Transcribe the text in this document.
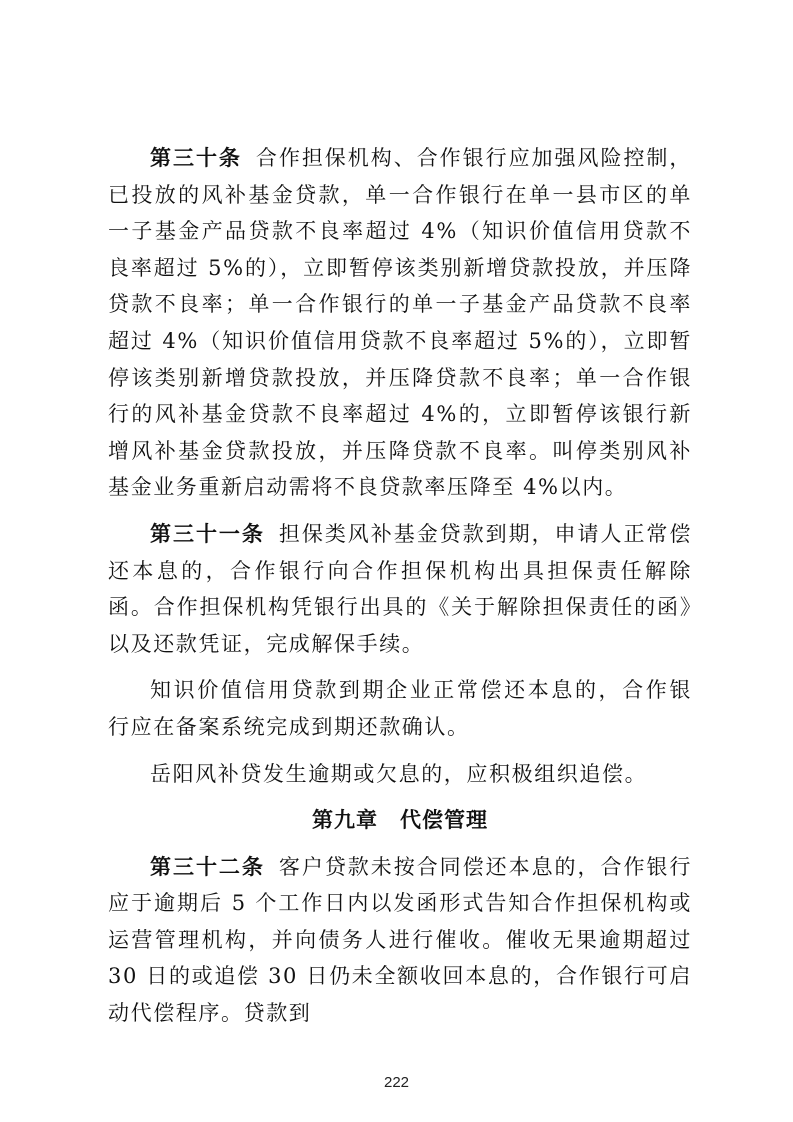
第三十条 合作担保机构、合作银行应加强风险控制，已投放的风补基金贷款，单一合作银行在单一县市区的单一子基金产品贷款不良率超过 4%（知识价值信用贷款不良率超过 5%的），立即暂停该类别新增贷款投放，并压降贷款不良率；单一合作银行的单一子基金产品贷款不良率超过 4%（知识价值信用贷款不良率超过 5%的），立即暂停该类别新增贷款投放，并压降贷款不良率；单一合作银行的风补基金贷款不良率超过 4%的，立即暂停该银行新增风补基金贷款投放，并压降贷款不良率。叫停类别风补基金业务重新启动需将不良贷款率压降至 4%以内。

第三十一条 担保类风补基金贷款到期，申请人正常偿还本息的，合作银行向合作担保机构出具担保责任解除函。合作担保机构凭银行出具的《关于解除担保责任的函》以及还款凭证，完成解保手续。

知识价值信用贷款到期企业正常偿还本息的，合作银行应在备案系统完成到期还款确认。

岳阳风补贷发生逾期或欠息的，应积极组织追偿。

第九章　代偿管理

第三十二条 客户贷款未按合同偿还本息的，合作银行应于逾期后 5 个工作日内以发函形式告知合作担保机构或运营管理机构，并向债务人进行催收。催收无果逾期超过 30 日的或追偿 30 日仍未全额收回本息的，合作银行可启动代偿程序。贷款到

222
